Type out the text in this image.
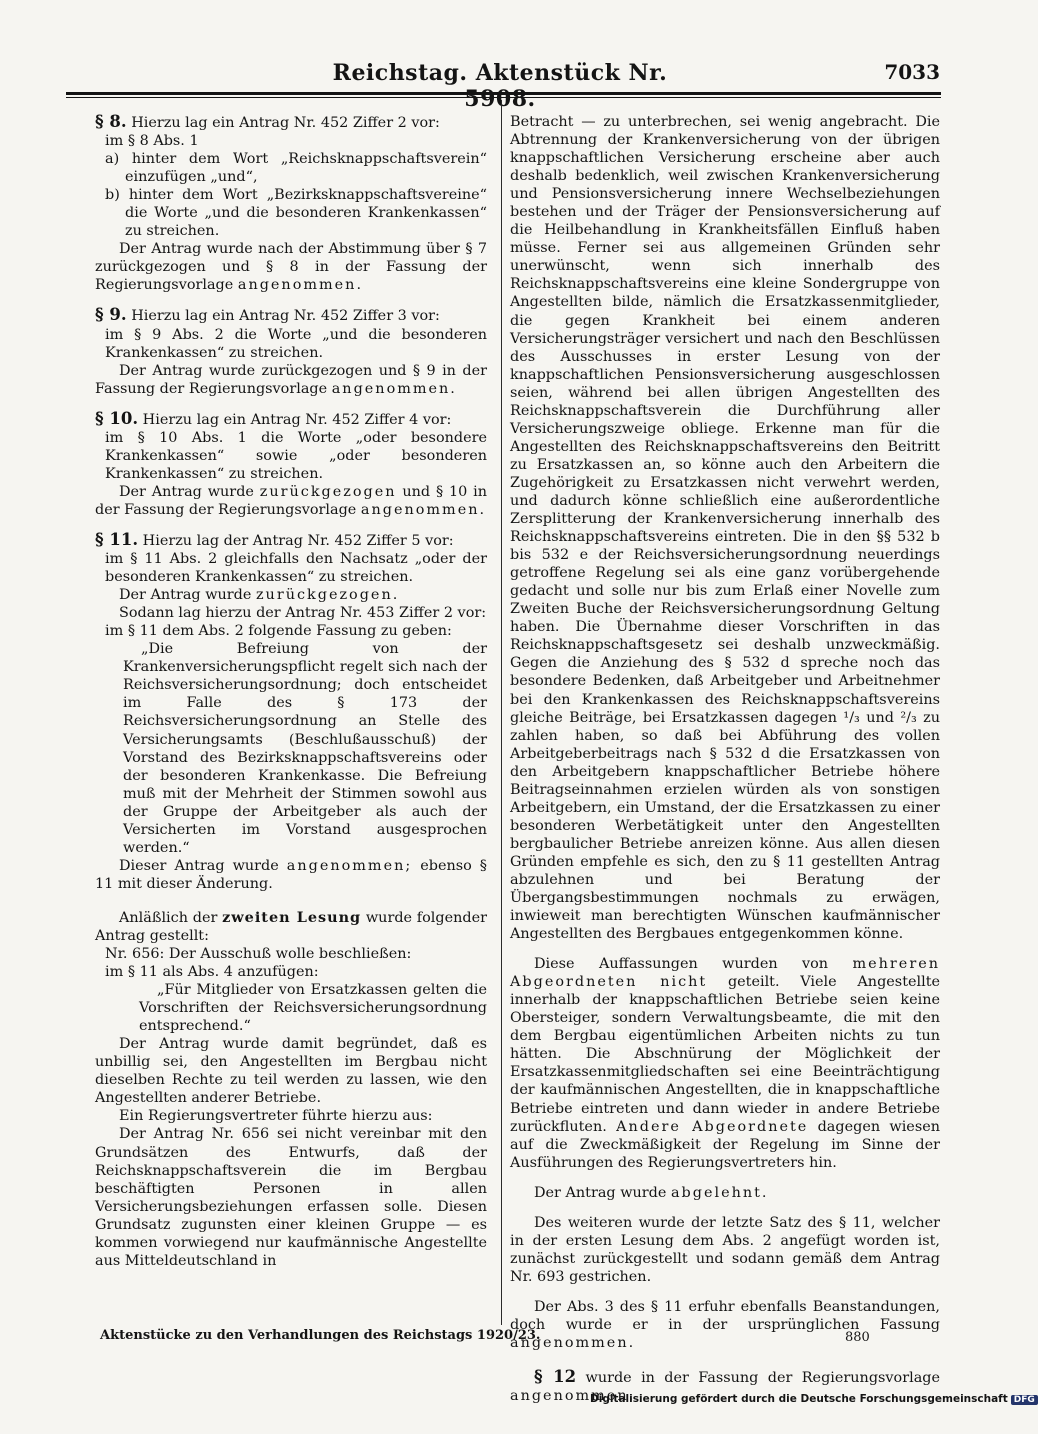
Reichstag. Aktenstück Nr. 5908.
7033

§ 8. Hierzu lag ein Antrag Nr. 452 Ziffer 2 vor:

im § 8 Abs. 1

a) hinter dem Wort „Reichsknappschaftsverein“ einzufügen „und“,

b) hinter dem Wort „Bezirksknappschaftsvereine“ die Worte „und die besonderen Krankenkassen“ zu streichen.

Der Antrag wurde nach der Abstimmung über § 7 zurückgezogen und § 8 in der Fassung der Regierungsvorlage angenommen.

§ 9. Hierzu lag ein Antrag Nr. 452 Ziffer 3 vor:

im § 9 Abs. 2 die Worte „und die besonderen Krankenkassen“ zu streichen.

Der Antrag wurde zurückgezogen und § 9 in der Fassung der Regierungsvorlage angenommen.

§ 10. Hierzu lag ein Antrag Nr. 452 Ziffer 4 vor:

im § 10 Abs. 1 die Worte „oder besondere Krankenkassen“ sowie „oder besonderen Krankenkassen“ zu streichen.

Der Antrag wurde zurückgezogen und § 10 in der Fassung der Regierungsvorlage angenommen.

§ 11. Hierzu lag der Antrag Nr. 452 Ziffer 5 vor:

im § 11 Abs. 2 gleichfalls den Nachsatz „oder der besonderen Krankenkassen“ zu streichen.

Der Antrag wurde zurückgezogen.

Sodann lag hierzu der Antrag Nr. 453 Ziffer 2 vor:

im § 11 dem Abs. 2 folgende Fassung zu geben:

„Die Befreiung von der Krankenversicherungspflicht regelt sich nach der Reichsversicherungsordnung; doch entscheidet im Falle des § 173 der Reichsversicherungsordnung an Stelle des Versicherungsamts (Beschlußausschuß) der Vorstand des Bezirksknappschaftsvereins oder der besonderen Krankenkasse. Die Befreiung muß mit der Mehrheit der Stimmen sowohl aus der Gruppe der Arbeitgeber als auch der Versicherten im Vorstand ausgesprochen werden.“

Dieser Antrag wurde angenommen; ebenso § 11 mit dieser Änderung.

Anläßlich der zweiten Lesung wurde folgender Antrag gestellt:

Nr. 656: Der Ausschuß wolle beschließen:

im § 11 als Abs. 4 anzufügen:

„Für Mitglieder von Ersatzkassen gelten die Vorschriften der Reichsversicherungsordnung entsprechend.“

Der Antrag wurde damit begründet, daß es unbillig sei, den Angestellten im Bergbau nicht dieselben Rechte zu teil werden zu lassen, wie den Angestellten anderer Betriebe.

Ein Regierungsvertreter führte hierzu aus:

Der Antrag Nr. 656 sei nicht vereinbar mit den Grundsätzen des Entwurfs, daß der Reichsknappschaftsverein die im Bergbau beschäftigten Personen in allen Versicherungsbeziehungen erfassen solle. Diesen Grundsatz zugunsten einer kleinen Gruppe — es kommen vorwiegend nur kaufmännische Angestellte aus Mitteldeutschland in

Betracht — zu unterbrechen, sei wenig angebracht. Die Abtrennung der Krankenversicherung von der übrigen knappschaftlichen Versicherung erscheine aber auch deshalb bedenklich, weil zwischen Krankenversicherung und Pensionsversicherung innere Wechselbeziehungen bestehen und der Träger der Pensionsversicherung auf die Heilbehandlung in Krankheitsfällen Einfluß haben müsse. Ferner sei aus allgemeinen Gründen sehr unerwünscht, wenn sich innerhalb des Reichsknappschaftsvereins eine kleine Sondergruppe von Angestellten bilde, nämlich die Ersatzkassenmitglieder, die gegen Krankheit bei einem anderen Versicherungsträger versichert und nach den Beschlüssen des Ausschusses in erster Lesung von der knappschaftlichen Pensionsversicherung ausgeschlossen seien, während bei allen übrigen Angestellten des Reichsknappschaftsverein die Durchführung aller Versicherungszweige obliege. Erkenne man für die Angestellten des Reichsknappschaftsvereins den Beitritt zu Ersatzkassen an, so könne auch den Arbeitern die Zugehörigkeit zu Ersatzkassen nicht verwehrt werden, und dadurch könne schließlich eine außerordentliche Zersplitterung der Krankenversicherung innerhalb des Reichsknappschaftsvereins eintreten. Die in den §§ 532 b bis 532 e der Reichsversicherungsordnung neuerdings getroffene Regelung sei als eine ganz vorübergehende gedacht und solle nur bis zum Erlaß einer Novelle zum Zweiten Buche der Reichsversicherungsordnung Geltung haben. Die Übernahme dieser Vorschriften in das Reichsknappschaftsgesetz sei deshalb unzweckmäßig. Gegen die Anziehung des § 532 d spreche noch das besondere Bedenken, daß Arbeitgeber und Arbeitnehmer bei den Krankenkassen des Reichsknappschaftsvereins gleiche Beiträge, bei Ersatzkassen dagegen ¹/₃ und ²/₃ zu zahlen haben, so daß bei Abführung des vollen Arbeitgeberbeitrags nach § 532 d die Ersatzkassen von den Arbeitgebern knappschaftlicher Betriebe höhere Beitragseinnahmen erzielen würden als von sonstigen Arbeitgebern, ein Umstand, der die Ersatzkassen zu einer besonderen Werbetätigkeit unter den Angestellten bergbaulicher Betriebe anreizen könne. Aus allen diesen Gründen empfehle es sich, den zu § 11 gestellten Antrag abzulehnen und bei Beratung der Übergangsbestimmungen nochmals zu erwägen, inwieweit man berechtigten Wünschen kaufmännischer Angestellten des Bergbaues entgegenkommen könne.

Diese Auffassungen wurden von mehreren Abgeordneten nicht geteilt. Viele Angestellte innerhalb der knappschaftlichen Betriebe seien keine Obersteiger, sondern Verwaltungsbeamte, die mit den dem Bergbau eigentümlichen Arbeiten nichts zu tun hätten. Die Abschnürung der Möglichkeit der Ersatzkassenmitgliedschaften sei eine Beeinträchtigung der kaufmännischen Angestellten, die in knappschaftliche Betriebe eintreten und dann wieder in andere Betriebe zurückfluten. Andere Abgeordnete dagegen wiesen auf die Zweckmäßigkeit der Regelung im Sinne der Ausführungen des Regierungsvertreters hin.

Der Antrag wurde abgelehnt.

Des weiteren wurde der letzte Satz des § 11, welcher in der ersten Lesung dem Abs. 2 angefügt worden ist, zunächst zurückgestellt und sodann gemäß dem Antrag Nr. 693 gestrichen.

Der Abs. 3 des § 11 erfuhr ebenfalls Beanstandungen, doch wurde er in der ursprünglichen Fassung angenommen.

§ 12 wurde in der Fassung der Regierungsvorlage angenommen.

Aktenstücke zu den Verhandlungen des Reichstags 1920/23.	880
Digitalisierung gefördert durch die Deutsche Forschungsgemeinschaft DFG
